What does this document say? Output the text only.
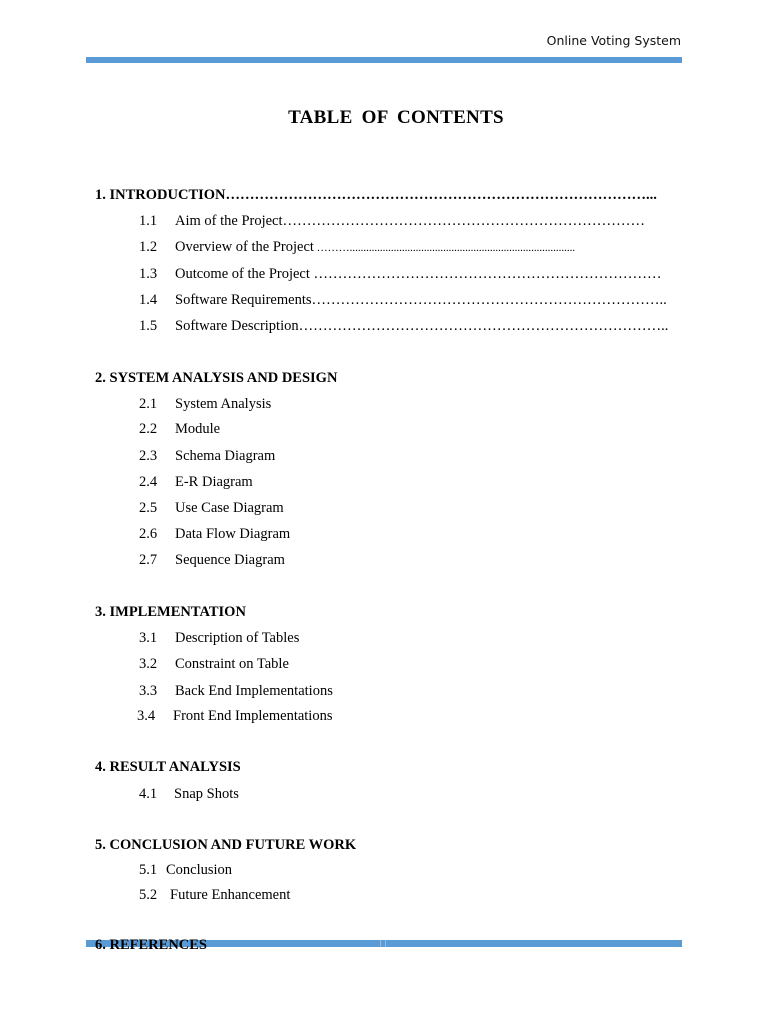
Online Voting System
TABLE OF CONTENTS
1. INTRODUCTION……………………………………………………………………………...
1.1 Aim of the Project…………………………………………………………………
1.2 Overview of the Project ………..................................................................................
1.3 Outcome of the Project ………………………………………………………………
1.4 Software Requirements………………………………………………………………..
1.5 Software Description…………………………………………………………………..
2. SYSTEM ANALYSIS AND DESIGN
2.1 System Analysis
2.2 Module
2.3 Schema Diagram
2.4 E-R Diagram
2.5 Use Case Diagram
2.6 Data Flow Diagram
2.7 Sequence Diagram
3. IMPLEMENTATION
3.1 Description of Tables
3.2 Constraint on Table
3.3 Back End Implementations
3.4 Front End Implementations
4. RESULT ANALYSIS
4.1 Snap Shots
5. CONCLUSION AND FUTURE WORK
5.1 Conclusion
5.2 Future Enhancement
6. REFERENCES
